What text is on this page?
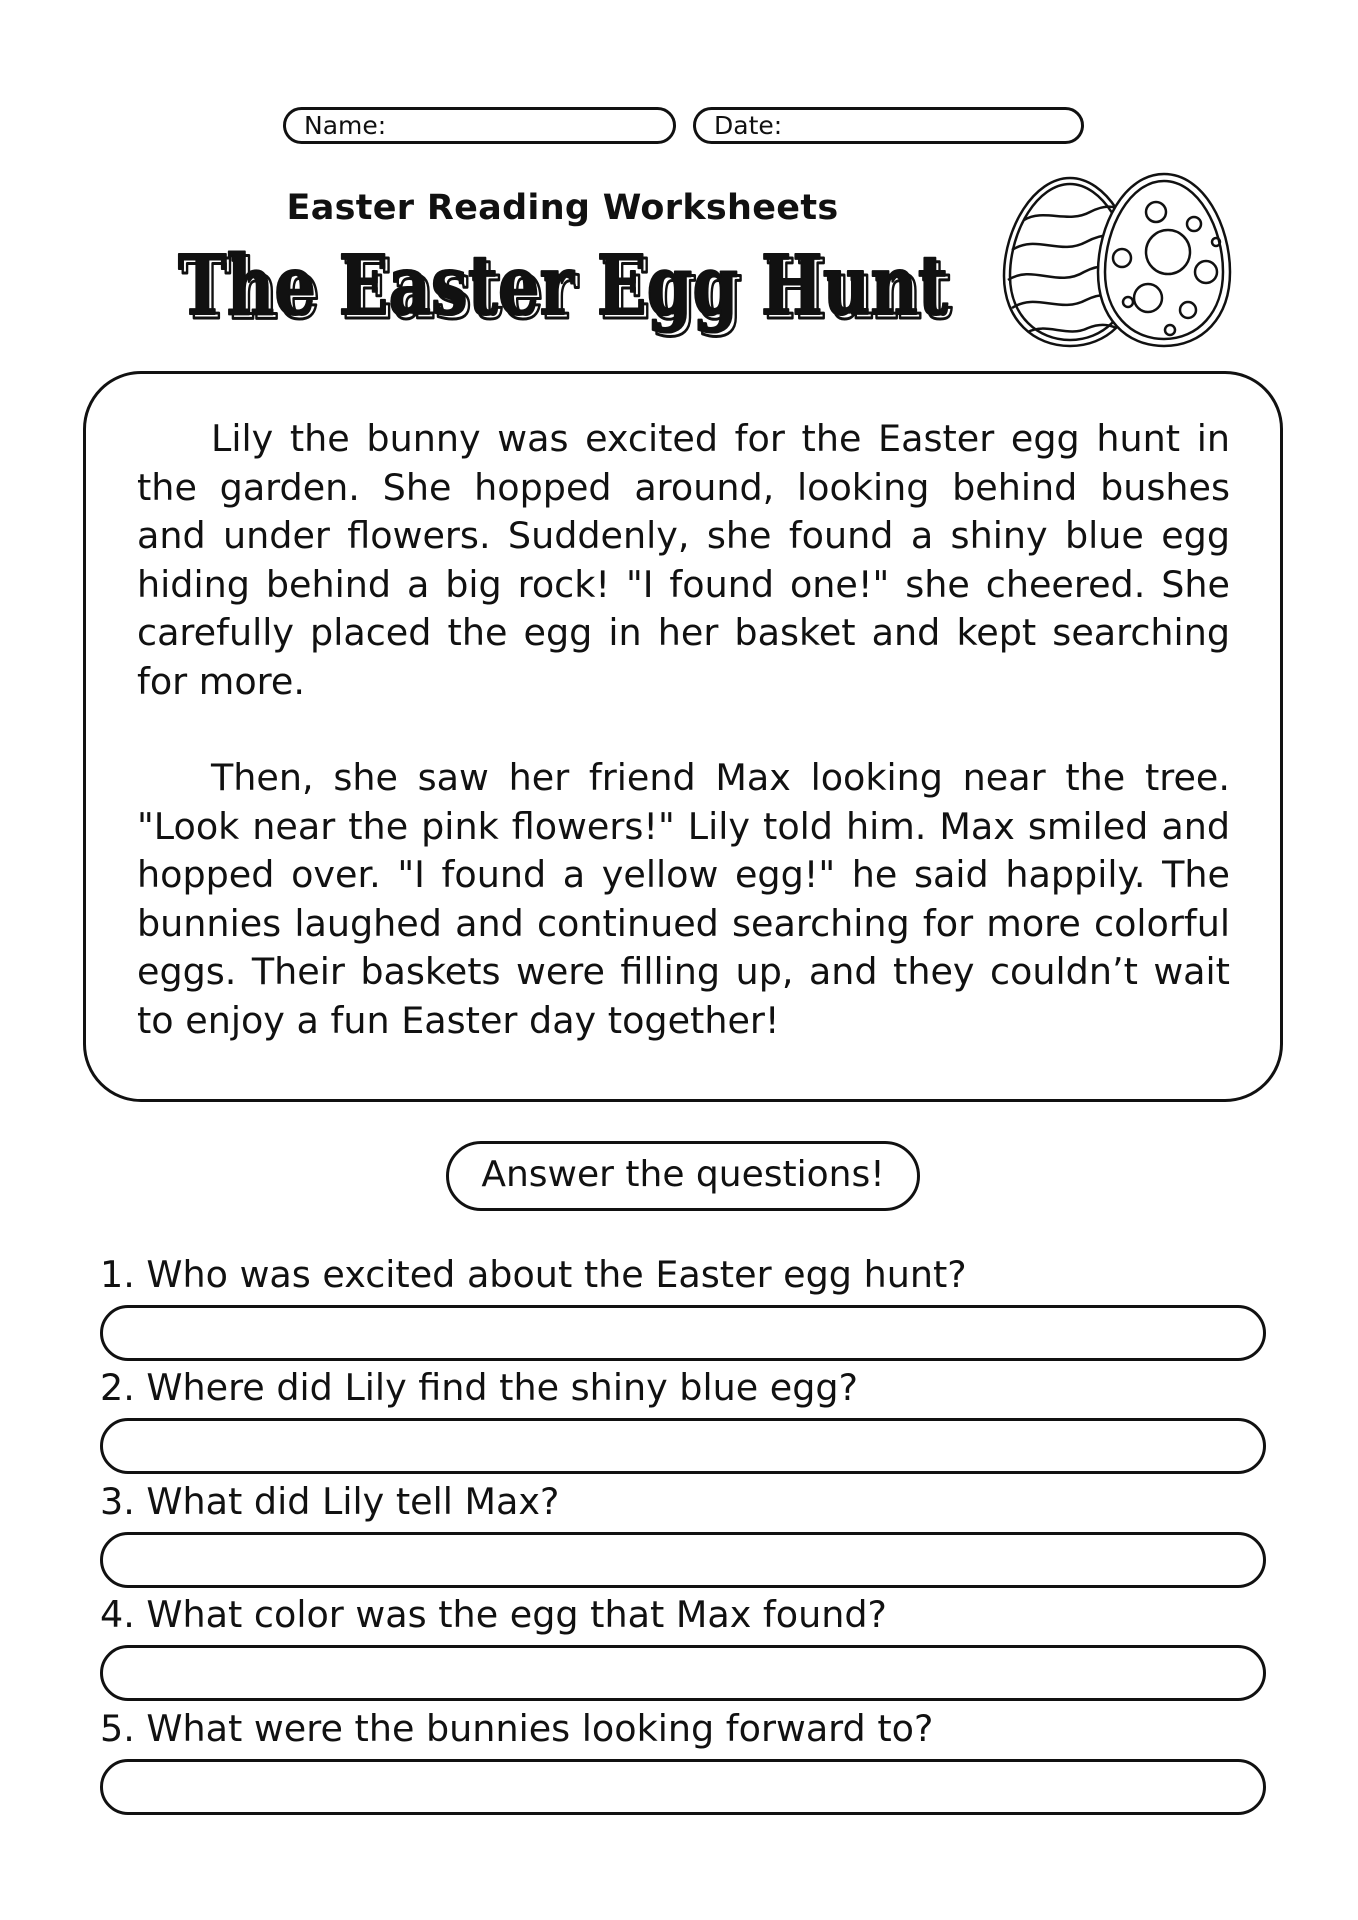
Name:	Date:
Easter Reading Worksheets
The Easter Egg Hunt
The Easter Egg Hunt

Lily the bunny was excited for the Easter egg hunt in the garden. She hopped around, looking behind bushes and under flowers. Suddenly, she found a shiny blue egg hiding behind a big rock! "I found one!" she cheered. She carefully placed the egg in her basket and kept searching for more.

Then, she saw her friend Max looking near the tree. "Look near the pink flowers!" Lily told him. Max smiled and hopped over. "I found a yellow egg!" he said happily. The bunnies laughed and continued searching for more colorful eggs. Their baskets were filling up, and they couldn’t wait to enjoy a fun Easter day together!

Answer the questions!
1. Who was excited about the Easter egg hunt?
2. Where did Lily find the shiny blue egg?
3. What did Lily tell Max?
4. What color was the egg that Max found?
5. What were the bunnies looking forward to?
